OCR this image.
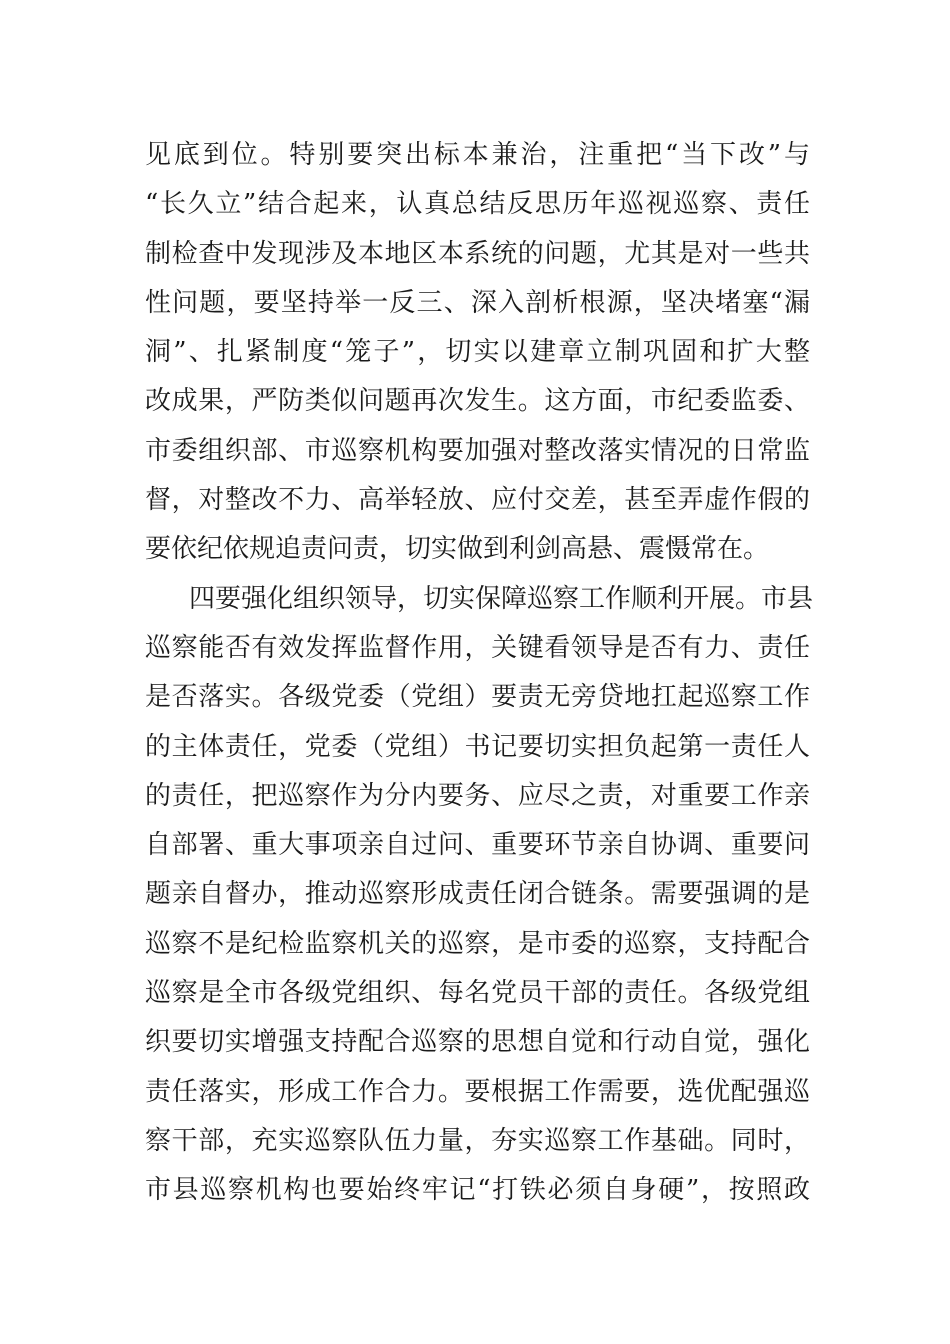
见底到位。特别要突出标本兼治，注重把“当下改”与
“长久立”结合起来，认真总结反思历年巡视巡察、责任
制检查中发现涉及本地区本系统的问题，尤其是对一些共
性问题，要坚持举一反三、深入剖析根源，坚决堵塞“漏
洞”、扎紧制度“笼子”，切实以建章立制巩固和扩大整
改成果，严防类似问题再次发生。这方面，市纪委监委、
市委组织部、市巡察机构要加强对整改落实情况的日常监
督，对整改不力、高举轻放、应付交差，甚至弄虚作假的
要依纪依规追责问责，切实做到利剑高悬、震慑常在。
四要强化组织领导，切实保障巡察工作顺利开展。市县
巡察能否有效发挥监督作用，关键看领导是否有力、责任
是否落实。各级党委（党组）要责无旁贷地扛起巡察工作
的主体责任，党委（党组）书记要切实担负起第一责任人
的责任，把巡察作为分内要务、应尽之责，对重要工作亲
自部署、重大事项亲自过问、重要环节亲自协调、重要问
题亲自督办，推动巡察形成责任闭合链条。需要强调的是
巡察不是纪检监察机关的巡察，是市委的巡察，支持配合
巡察是全市各级党组织、每名党员干部的责任。各级党组
织要切实增强支持配合巡察的思想自觉和行动自觉，强化
责任落实，形成工作合力。要根据工作需要，选优配强巡
察干部，充实巡察队伍力量，夯实巡察工作基础。同时，
市县巡察机构也要始终牢记“打铁必须自身硬”，按照政
